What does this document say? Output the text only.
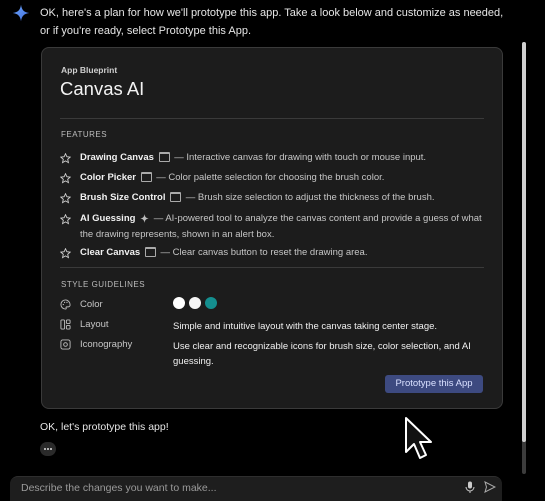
OK, here's a plan for how we'll prototype this app. Take a look below and customize as needed, or if you're ready, select Prototype this App.
App Blueprint
Canvas AI
FEATURES
Drawing Canvas — Interactive canvas for drawing with touch or mouse input.
Color Picker — Color palette selection for choosing the brush color.
Brush Size Control — Brush size selection to adjust the thickness of the brush.
AI Guessing — AI-powered tool to analyze the canvas content and provide a guess of what the drawing represents, shown in an alert box.
Clear Canvas — Clear canvas button to reset the drawing area.
STYLE GUIDELINES
Color
Layout	Simple and intuitive layout with the canvas taking center stage.
Iconography	Use clear and recognizable icons for brush size, color selection, and AI guessing.
Prototype this App
OK, let's prototype this app!
Describe the changes you want to make...
